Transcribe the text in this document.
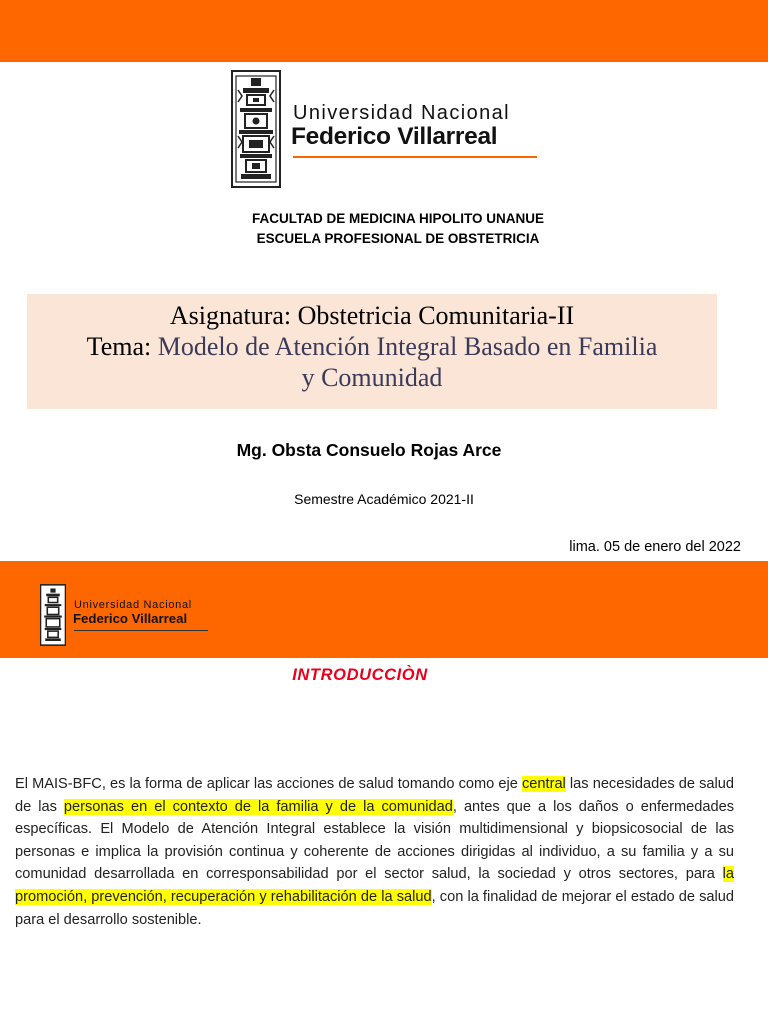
Universidad Nacional
Federico Villarreal
FACULTAD DE MEDICINA HIPOLITO UNANUE
ESCUELA PROFESIONAL DE OBSTETRICIA
Asignatura: Obstetricia Comunitaria-II
Tema: Modelo de Atención Integral Basado en Familia
y Comunidad
Mg. Obsta Consuelo Rojas Arce
Semestre Académico 2021-II
lima. 05 de enero del 2022
Universidad Nacional
Federico Villarreal
INTRODUCCIÒN

El MAIS-BFC, es la forma de aplicar las acciones de salud tomando como eje central las necesidades de salud de las personas en el contexto de la familia y de la comunidad, antes que a los daños o enfermedades específicas. El Modelo de Atención Integral establece la visión multidimensional y biopsicosocial de las personas e implica la provisión continua y coherente de acciones dirigidas al individuo, a su familia y a su comunidad desarrollada en corresponsabilidad por el sector salud, la sociedad y otros sectores, para la promoción, prevención, recuperación y rehabilitación de la salud, con la finalidad de mejorar el estado de salud para el desarrollo sostenible.
